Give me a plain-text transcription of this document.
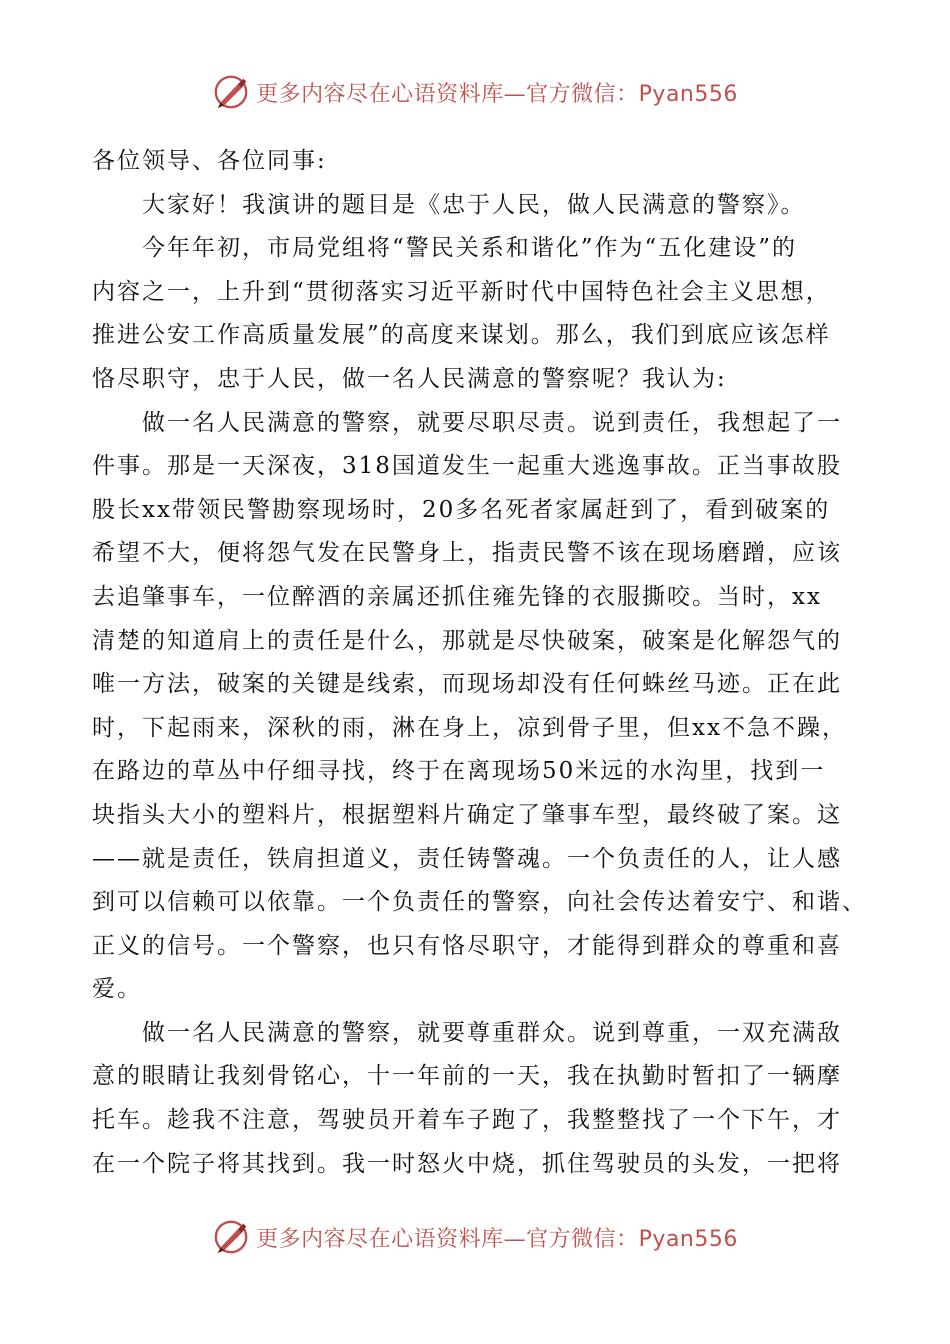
更多内容尽在心语资料库—官方微信：Pyan556
各位领导、各位同事:
大家好！我演讲的题目是《忠于人民，做人民满意的警察》。
今年年初，市局党组将“警民关系和谐化”作为“五化建设”的
内容之一，上升到“贯彻落实习近平新时代中国特色社会主义思想，
推进公安工作高质量发展”的高度来谋划。那么，我们到底应该怎样
恪尽职守，忠于人民，做一名人民满意的警察呢？我认为:
做一名人民满意的警察，就要尽职尽责。说到责任，我想起了一
件事。那是一天深夜，318国道发生一起重大逃逸事故。正当事故股
股长xx带领民警勘察现场时，20多名死者家属赶到了，看到破案的
希望不大，便将怨气发在民警身上，指责民警不该在现场磨蹭，应该
去追肇事车，一位醉酒的亲属还抓住雍先锋的衣服撕咬。当时，xx
清楚的知道肩上的责任是什么，那就是尽快破案，破案是化解怨气的
唯一方法，破案的关键是线索，而现场却没有任何蛛丝马迹。正在此
时，下起雨来，深秋的雨，淋在身上，凉到骨子里，但xx不急不躁，
在路边的草丛中仔细寻找，终于在离现场50米远的水沟里，找到一
块指头大小的塑料片，根据塑料片确定了肇事车型，最终破了案。这
——就是责任，铁肩担道义，责任铸警魂。一个负责任的人，让人感
到可以信赖可以依靠。一个负责任的警察，向社会传达着安宁、和谐、
正义的信号。一个警察，也只有恪尽职守，才能得到群众的尊重和喜
爱。
做一名人民满意的警察，就要尊重群众。说到尊重，一双充满敌
意的眼睛让我刻骨铭心，十一年前的一天，我在执勤时暂扣了一辆摩
托车。趁我不注意，驾驶员开着车子跑了，我整整找了一个下午，才
在一个院子将其找到。我一时怒火中烧，抓住驾驶员的头发，一把将
更多内容尽在心语资料库—官方微信：Pyan556
